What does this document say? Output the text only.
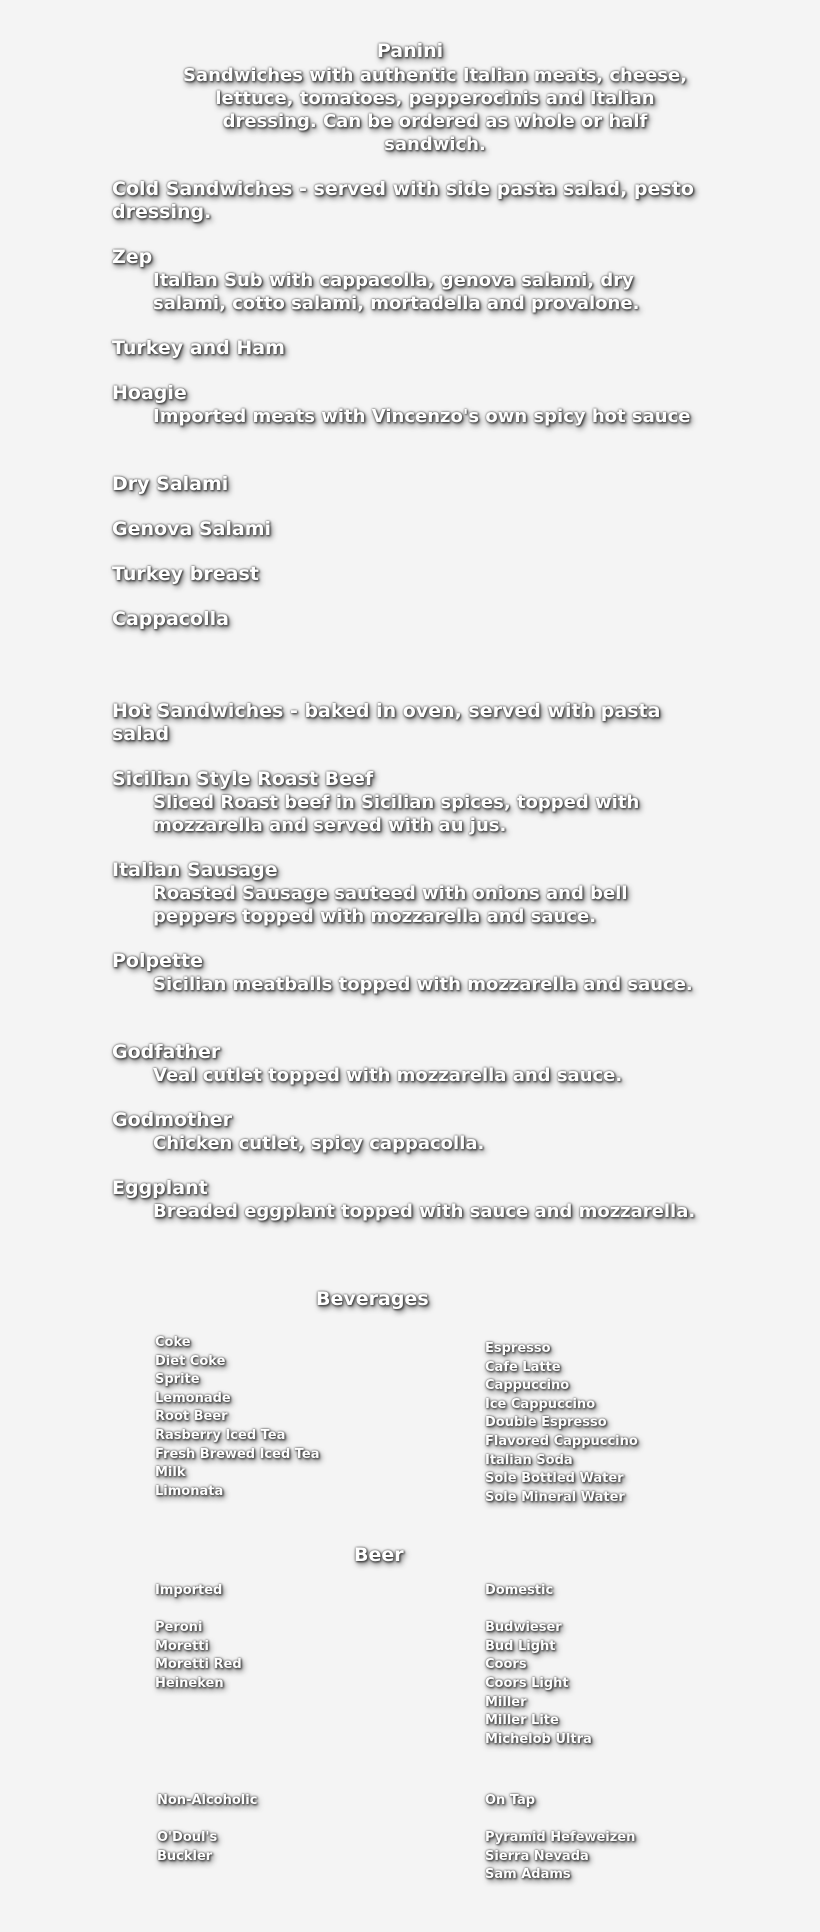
Panini
Sandwiches with authentic Italian meats, cheese, lettuce, tomatoes, pepperocinis and Italian dressing. Can be ordered as whole or half sandwich.
Cold Sandwiches - served with side pasta salad, pesto dressing.
Zep
Italian Sub with cappacolla, genova salami, dry salami, cotto salami, mortadella and provalone.
Turkey and Ham
Hoagie
Imported meats with Vincenzo's own spicy hot sauce
Dry Salami
Genova Salami
Turkey breast
Cappacolla
Hot Sandwiches - baked in oven, served with pasta salad
Sicilian Style Roast Beef
Sliced Roast beef in Sicilian spices, topped with mozzarella and served with au jus.
Italian Sausage
Roasted Sausage sauteed with onions and bell peppers topped with mozzarella and sauce.
Polpette
Sicilian meatballs topped with mozzarella and sauce.
Godfather
Veal cutlet topped with mozzarella and sauce.
Godmother
Chicken cutlet, spicy cappacolla.
Eggplant
Breaded eggplant topped with sauce and mozzarella.
Beverages
Coke
Diet Coke
Sprite
Lemonade
Root Beer
Rasberry Iced Tea
Fresh Brewed Iced Tea
Milk
Limonata
Espresso
Cafe Latte
Cappuccino
Ice Cappuccino
Double Espresso
Flavored Cappuccino
Italian Soda
Sole Bottled Water
Sole Mineral Water
Beer
Imported
Peroni
Moretti
Moretti Red
Heineken
Domestic
Budwieser
Bud Light
Coors
Coors Light
Miller
Miller Lite
Michelob Ultra
Non-Alcoholic
O'Doul's
Buckler
On Tap
Pyramid Hefeweizen
Sierra Nevada
Sam Adams
